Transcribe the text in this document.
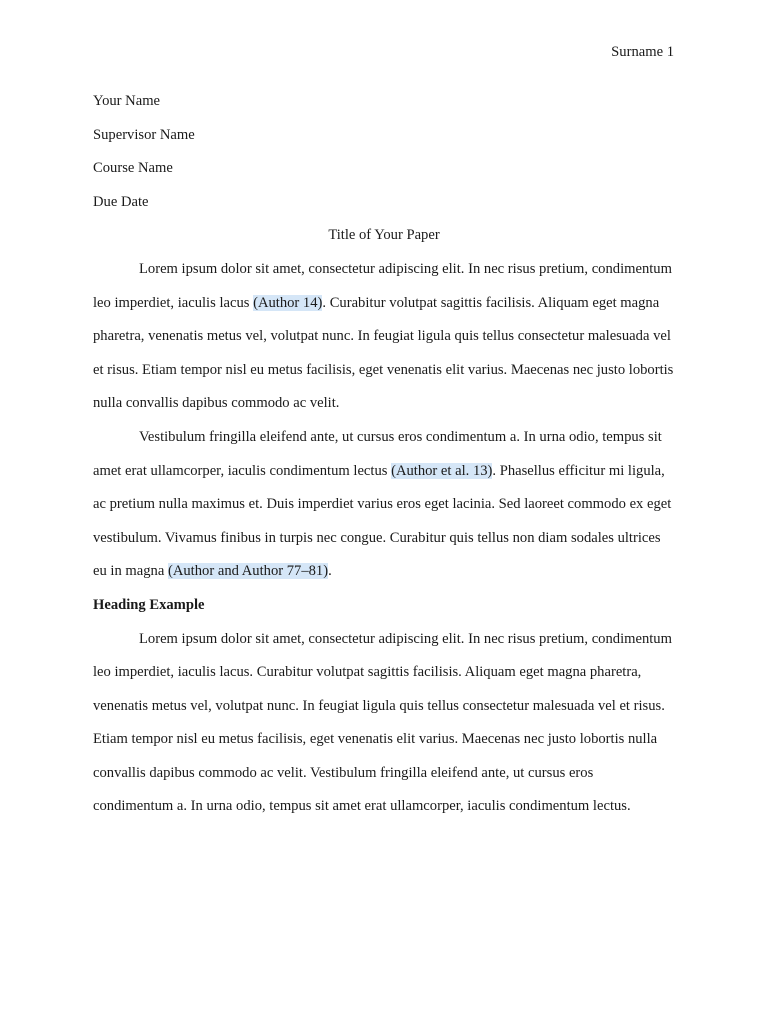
Surname 1

Your Name

Supervisor Name

Course Name

Due Date

Title of Your Paper

Lorem ipsum dolor sit amet, consectetur adipiscing elit. In nec risus pretium, condimentum leo imperdiet, iaculis lacus (Author 14). Curabitur volutpat sagittis facilisis. Aliquam eget magna pharetra, venenatis metus vel, volutpat nunc. In feugiat ligula quis tellus consectetur malesuada vel et risus. Etiam tempor nisl eu metus facilisis, eget venenatis elit varius. Maecenas nec justo lobortis nulla convallis dapibus commodo ac velit.

Vestibulum fringilla eleifend ante, ut cursus eros condimentum a. In urna odio, tempus sit amet erat ullamcorper, iaculis condimentum lectus (Author et al. 13). Phasellus efficitur mi ligula, ac pretium nulla maximus et. Duis imperdiet varius eros eget lacinia. Sed laoreet commodo ex eget vestibulum. Vivamus finibus in turpis nec congue. Curabitur quis tellus non diam sodales ultrices eu in magna (Author and Author 77–81).

Heading Example

Lorem ipsum dolor sit amet, consectetur adipiscing elit. In nec risus pretium, condimentum leo imperdiet, iaculis lacus. Curabitur volutpat sagittis facilisis. Aliquam eget magna pharetra, venenatis metus vel, volutpat nunc. In feugiat ligula quis tellus consectetur malesuada vel et risus. Etiam tempor nisl eu metus facilisis, eget venenatis elit varius. Maecenas nec justo lobortis nulla convallis dapibus commodo ac velit. Vestibulum fringilla eleifend ante, ut cursus eros condimentum a. In urna odio, tempus sit amet erat ullamcorper, iaculis condimentum lectus.
